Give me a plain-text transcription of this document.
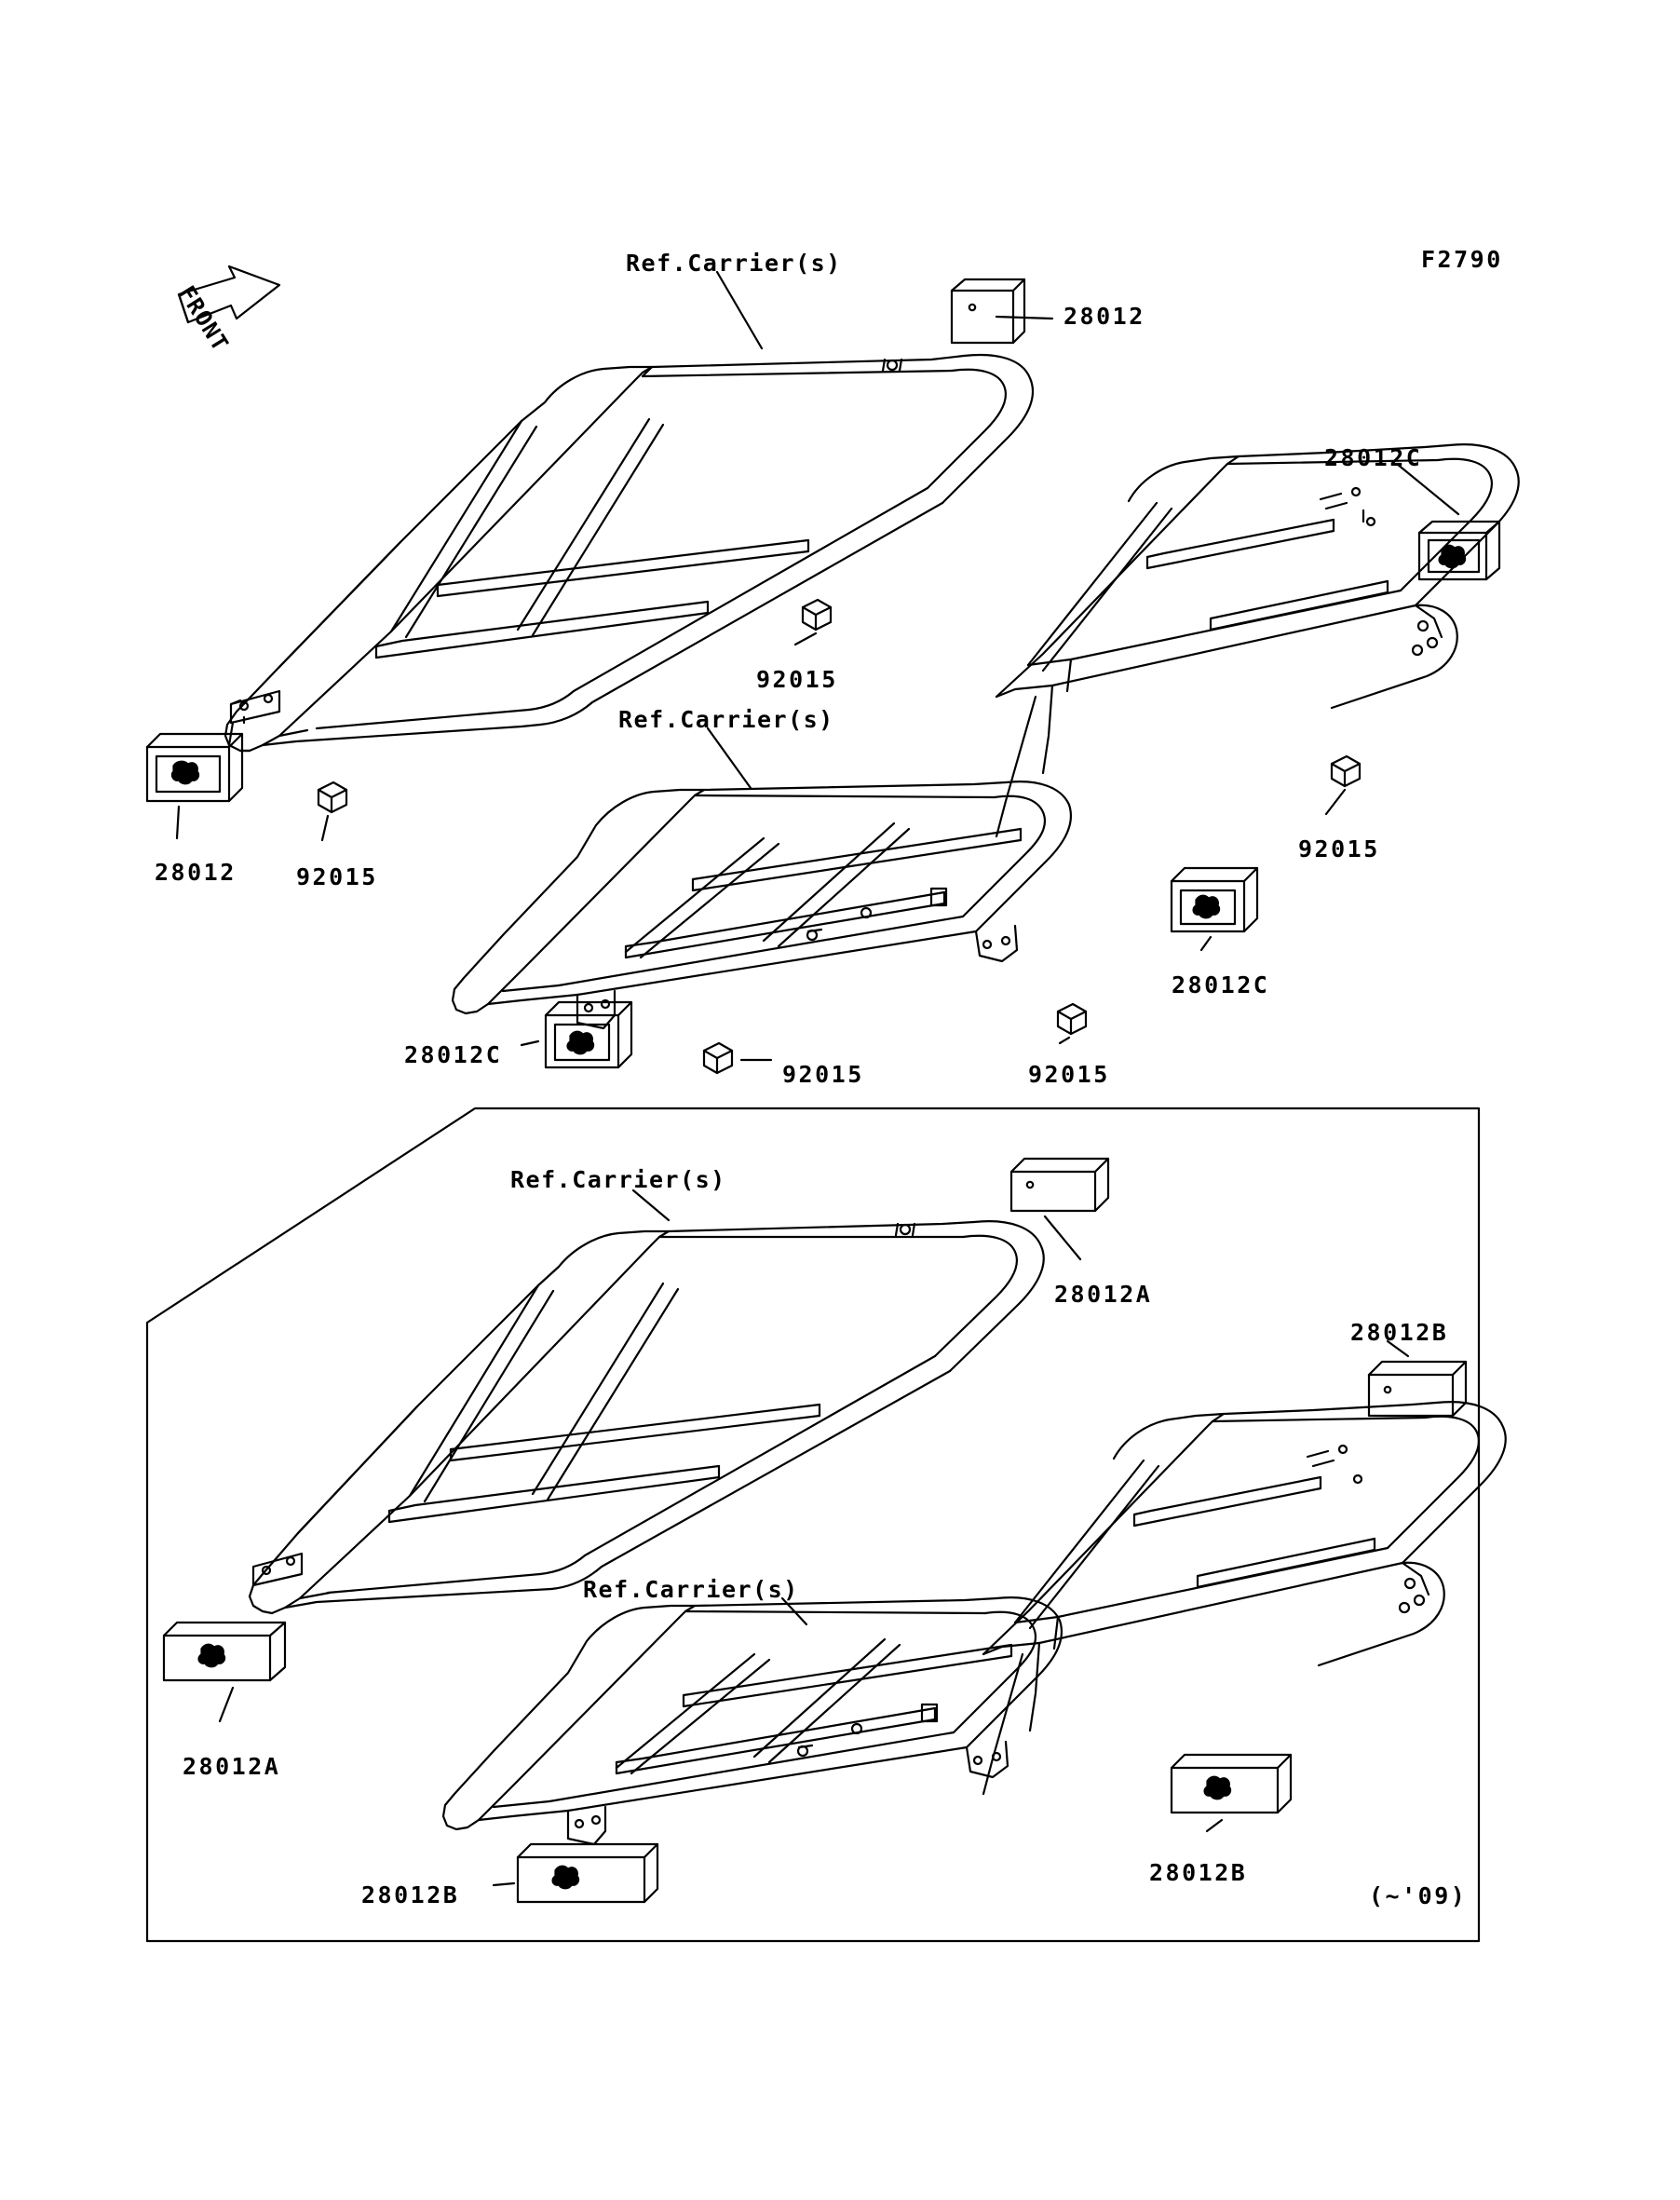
FRONT
F2790
(~'09)
Ref.Carrier(s)
28012
28012C
92015
Ref.Carrier(s)
92015
28012	92015
28012C
28012C
92015	92015
Ref.Carrier(s)
28012A
28012B
Ref.Carrier(s)
28012A
28012B
28012B
